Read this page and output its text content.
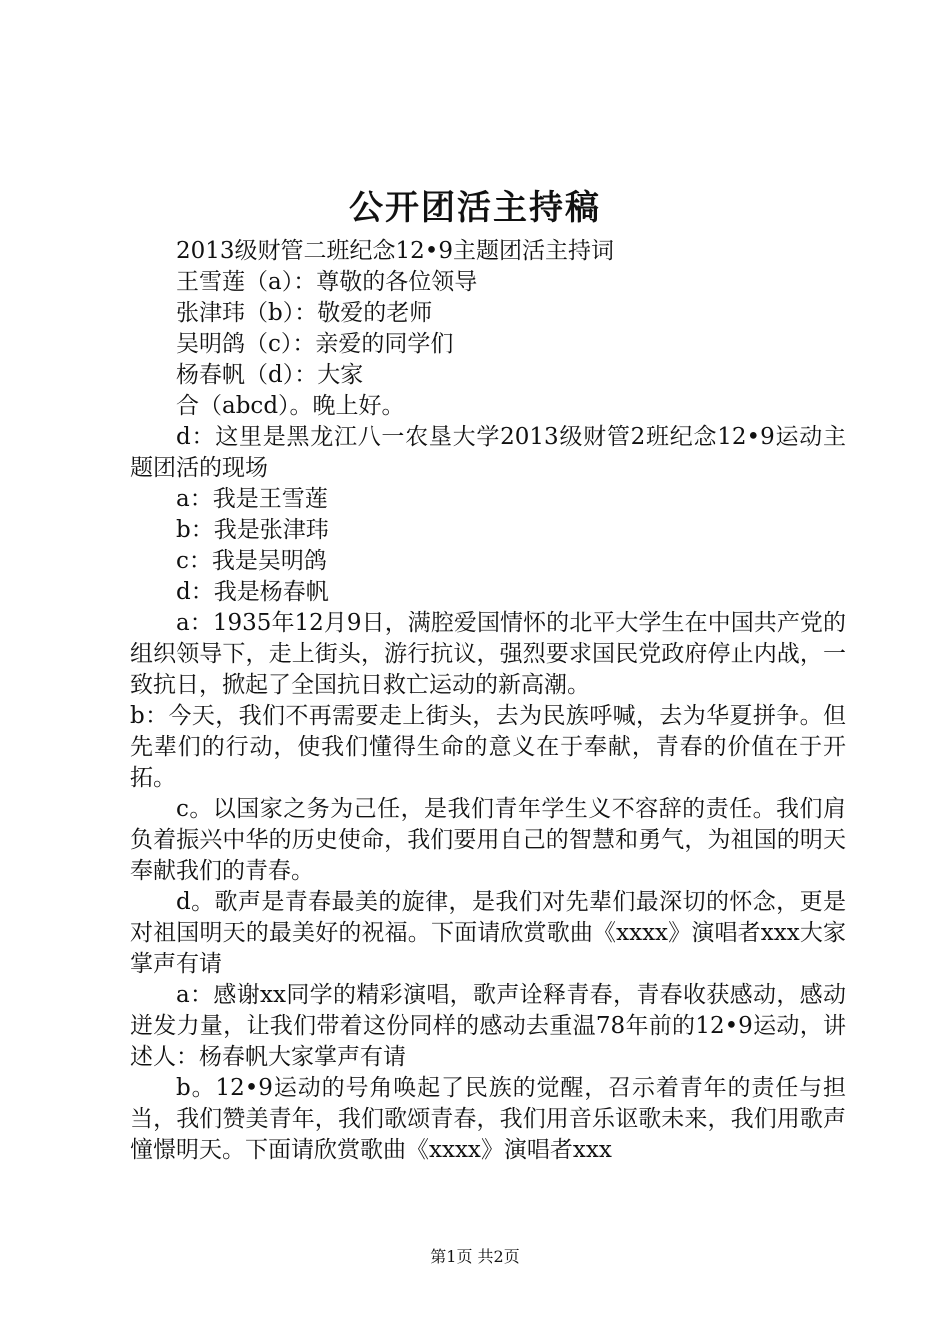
公开团活主持稿

2013级财管二班纪念12•9主题团活主持词

王雪莲（a）：尊敬的各位领导

张津玮（b）：敬爱的老师

吴明鸽（c）：亲爱的同学们

杨春帆（d）：大家

合（abcd）。晚上好。

d：这里是黑龙江八一农垦大学2013级财管2班纪念12•9运动主题团活的现场

a：我是王雪莲

b：我是张津玮

c：我是吴明鸽

d：我是杨春帆

a：1935年12月9日，满腔爱国情怀的北平大学生在中国共产党的组织领导下，走上街头，游行抗议，强烈要求国民党政府停止内战，一致抗日，掀起了全国抗日救亡运动的新高潮。

b：今天，我们不再需要走上街头，去为民族呼喊，去为华夏拼争。但先辈们的行动，使我们懂得生命的意义在于奉献，青春的价值在于开拓。

c。以国家之务为己任，是我们青年学生义不容辞的责任。我们肩负着振兴中华的历史使命，我们要用自己的智慧和勇气，为祖国的明天奉献我们的青春。

d。歌声是青春最美的旋律，是我们对先辈们最深切的怀念，更是对祖国明天的最美好的祝福。下面请欣赏歌曲《xxxx》演唱者xxx大家掌声有请

a：感谢xx同学的精彩演唱，歌声诠释青春，青春收获感动，感动迸发力量，让我们带着这份同样的感动去重温78年前的12•9运动，讲述人：杨春帆大家掌声有请

b。12•9运动的号角唤起了民族的觉醒，召示着青年的责任与担当，我们赞美青年，我们歌颂青春，我们用音乐讴歌未来，我们用歌声憧憬明天。下面请欣赏歌曲《xxxx》演唱者xxx

第1页 共2页
